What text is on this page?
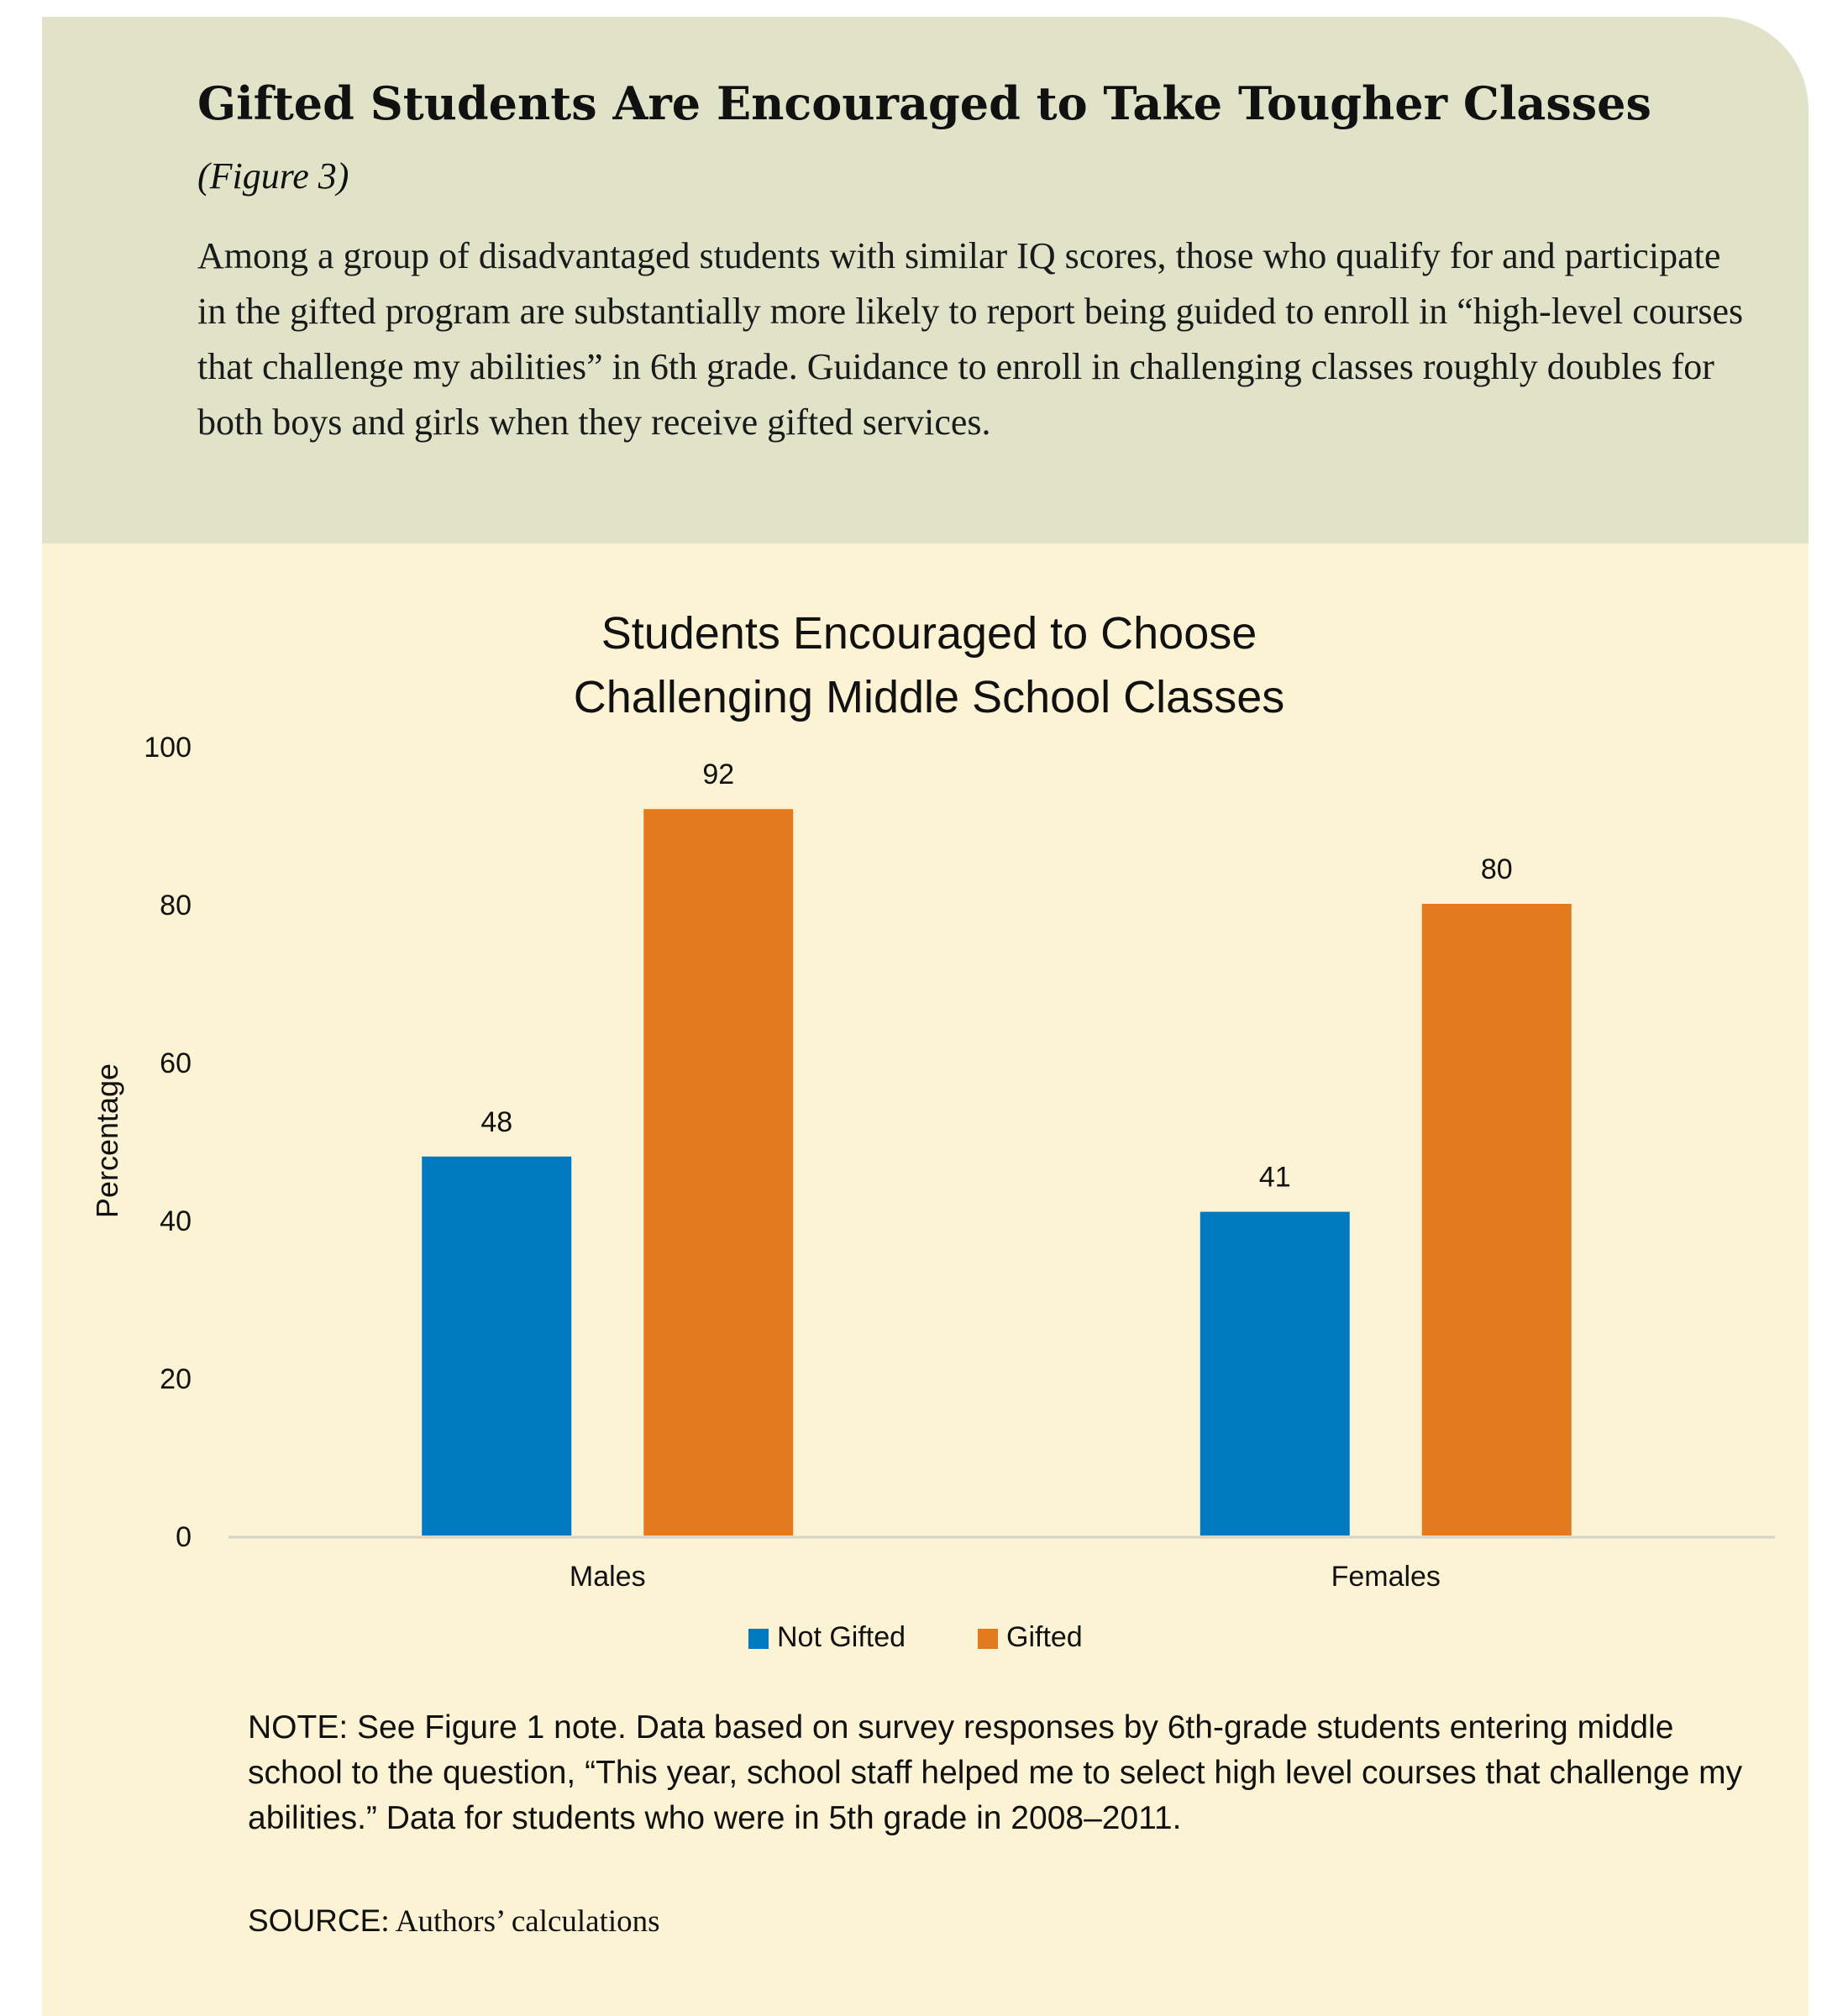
Gifted Students Are Encouraged to Take Tougher Classes (Figure 3)

Among a group of disadvantaged students with similar IQ scores, those who qualify for and participate in the gifted program are substantially more likely to report being guided to enroll in “high-level courses that challenge my abilities” in 6th grade. Guidance to enroll in challenging classes roughly doubles for both boys and girls when they receive gifted services.

Students Encouraged to Choose
Challenging Middle School Classes
0
20
40
60
80
100
Percentage	48
92
41
80
Males	Females
Not Gifted	Gifted

NOTE: See Figure 1 note. Data based on survey responses by 6th-grade students entering middle school to the question, “This year, school staff helped me to select high level courses that challenge my abilities.” Data for students who were in 5th grade in 2008–2011.

SOURCE: Authors’ calculations
